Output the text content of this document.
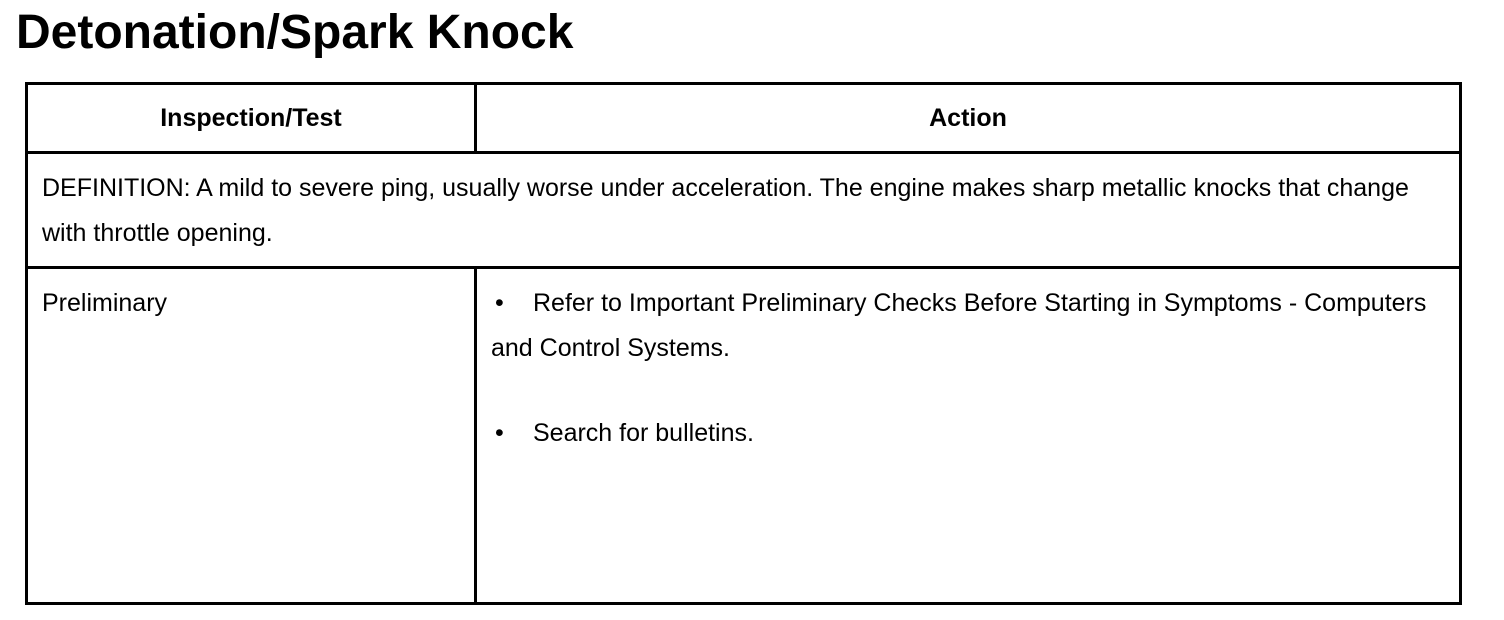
Detonation/Spark Knock
Inspection/Test	Action
DEFINITION: A mild to severe ping, usually worse under acceleration. The engine makes sharp metallic knocks that change with throttle opening.	
Preliminary	• Refer to Important Preliminary Checks Before Starting in Symptoms - Computers and Control Systems.
• Search for bulletins.
